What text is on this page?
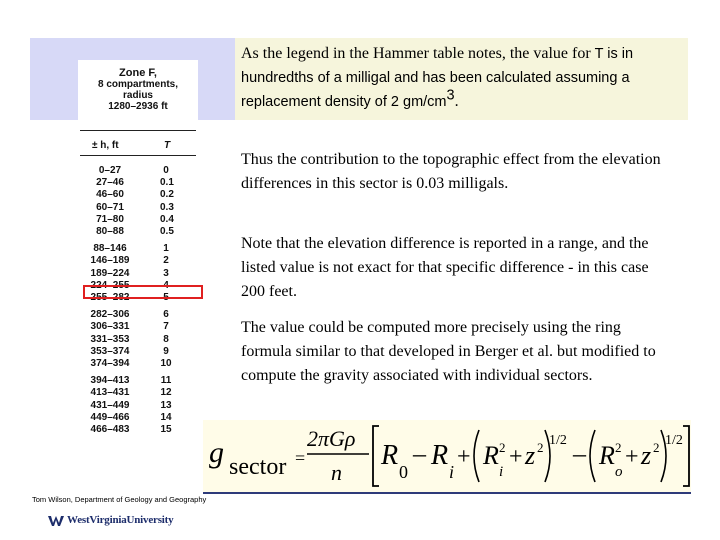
Zone F,
8 compartments,
radius
1280–2936 ft
± h, ft	T
0–27
27–46
46–60
60–71
71–80
80–88
88–146
146–189
189–224
224–255
255–282
282–306
306–331
331–353
353–374
374–394
394–413
413–431
431–449
449–466
466–483
0
0.1
0.2
0.3
0.4
0.5
1
2
3
4
5
6
7
8
9
10
11
12
13
14
15
As the legend in the Hammer table notes, the value for T is in hundredths of a milligal and has been calculated assuming a replacement density of 2 $gm/cm^3$.
Thus the contribution to the topographic effect from the elevation differences in this sector is 0.03 milligals.
Note that the elevation difference is reported in a range, and the listed value is not exact for that specific difference - in this case 200 feet.
The value could be computed more precisely using the ring formula similar to that developed in Berger et al. but modified to compute the gravity associated with individual sectors.
g sector =
2πGρ
n
R
0
– R
i
+ R 2
i
+ z 2 1/2 – R 2
o
+ z 2 1/2
Tom Wilson, Department of Geology and Geography
WestVirginiaUniversity
